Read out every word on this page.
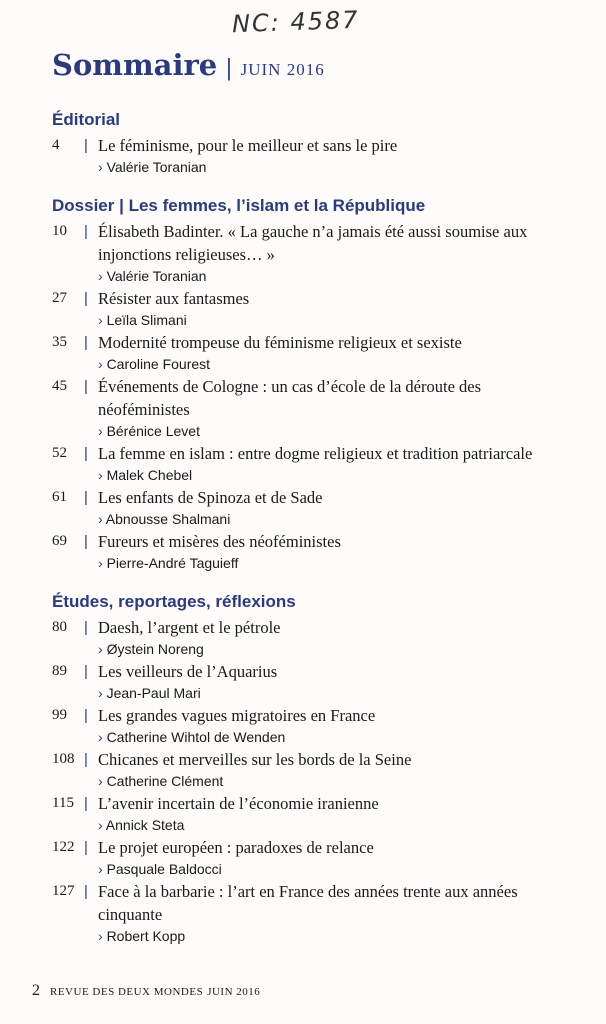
NC: 4587
Sommaire | JUIN 2016
Éditorial
4	| Le féminisme, pour le meilleur et sans le pire
› Valérie Toranian
Dossier | Les femmes, l’islam et la République
10	| Élisabeth Badinter. « La gauche n’a jamais été aussi soumise aux injonctions religieuses… »
› Valérie Toranian
27	| Résister aux fantasmes
› Leïla Slimani
35	| Modernité trompeuse du féminisme religieux et sexiste
› Caroline Fourest
45	| Événements de Cologne : un cas d’école de la déroute des néoféministes
› Bérénice Levet
52	| La femme en islam : entre dogme religieux et tradition patriarcale
› Malek Chebel
61	| Les enfants de Spinoza et de Sade
› Abnousse Shalmani
69	| Fureurs et misères des néoféministes
› Pierre-André Taguieff
Études, reportages, réflexions
80	| Daesh, l’argent et le pétrole
› Øystein Noreng
89	| Les veilleurs de l’Aquarius
› Jean-Paul Mari
99	| Les grandes vagues migratoires en France
› Catherine Wihtol de Wenden
108 | Chicanes et merveilles sur les bords de la Seine
› Catherine Clément
115 | L’avenir incertain de l’économie iranienne
› Annick Steta
122 | Le projet européen : paradoxes de relance
› Pasquale Baldocci
127 | Face à la barbarie : l’art en France des années trente aux années cinquante
› Robert Kopp
2 REVUE DES DEUX MONDES JUIN 2016
